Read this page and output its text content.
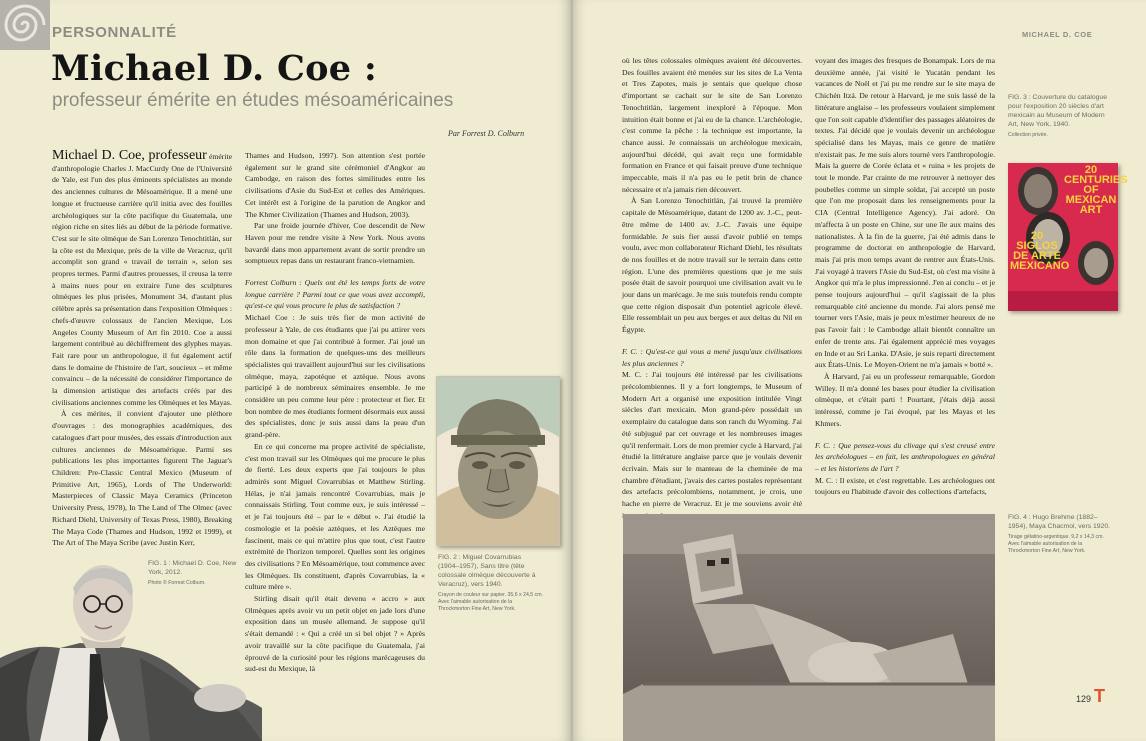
PERSONNALITÉ
Michael D. Coe :
professeur émérite en études mésoaméricaines
Par Forrest D. Colburn

Michael D. Coe, professeur émérite d'anthropologie Charles J. MacCurdy One de l'Université de Yale, est l'un des plus éminents spécialistes au monde des anciennes cultures de Mésoamérique. Il a mené une longue et fructueuse carrière qu'il initia avec des fouilles archéologiques sur la côte pacifique du Guatemala, une région riche en sites liés au début de la période formative. C'est sur le site olmèque de San Lorenzo Tenochtitlán, sur la côte est du Mexique, près de la ville de Veracruz, qu'il accomplit son grand « travail de terrain », selon ses propres termes. Parmi d'autres prouesses, il creusa la terre à mains nues pour en extraire l'une des sculptures olmèques les plus prisées, Monument 34, d'autant plus célèbre après sa présentation dans l'exposition Olmèques : chefs-d'œuvre colossaux de l'ancien Mexique, Los Angeles County Museum of Art fin 2010. Coe a aussi largement contribué au déchiffrement des glyphes mayas. Fait rare pour un anthropologue, il fut également actif dans le domaine de l'histoire de l'art, soucieux – et même convaincu – de la nécessité de considérer l'importance de la dimension artistique des artefacts créés par des civilisations anciennes comme les Olmèques et les Mayas.

À ces mérites, il convient d'ajouter une pléthore d'ouvrages : des monographies académiques, des catalogues d'art pour musées, des essais d'introduction aux cultures anciennes de Mésoamérique. Parmi ses publications les plus importantes figurent The Jaguar's Children: Pre-Classic Central Mexico (Museum of Primitive Art, 1965), Lords of The Underworld: Masterpieces of Classic Maya Ceramics (Princeton University Press, 1978), In The Land of The Olmec (avec Richard Diehl, University of Texas Press, 1980), Breaking The Maya Code (Thames and Hudson, 1992 et 1999), et The Art of The Maya Scribe (avec Justin Kerr,

Thames and Hudson, 1997). Son attention s'est portée également sur le grand site cérémoniel d'Angkor au Cambodge, en raison des fortes similitudes entre les civilisations d'Asie du Sud-Est et celles des Amériques. Cet intérêt est à l'origine de la parution de Angkor and The Khmer Civilization (Thames and Hudson, 2003).

Par une froide journée d'hiver, Coe descendit de New Haven pour me rendre visite à New York. Nous avons bavardé dans mon appartement avant de sortir prendre un somptueux repas dans un restaurant franco-vietnamien.

Forrest Colburn : Quels ont été les temps forts de votre longue carrière ? Parmi tout ce que vous avez accompli, qu'est-ce qui vous procure le plus de satisfaction ?

Michael Coe : Je suis très fier de mon activité de professeur à Yale, de ces étudiants que j'ai pu attirer vers mon domaine et que j'ai contribué à former. J'ai joué un rôle dans la formation de quelques-uns des meilleurs spécialistes qui travaillent aujourd'hui sur les civilisations olmèque, maya, zapotèque et aztèque. Nous avons participé à de nombreux séminaires ensemble. Je me considère un peu comme leur père : protecteur et fier. Et bon nombre de mes étudiants forment désormais eux aussi des spécialistes, donc je suis aussi dans la peau d'un grand-père.

En ce qui concerne ma propre activité de spécialiste, c'est mon travail sur les Olmèques qui me procure le plus de fierté. Les deux experts que j'ai toujours le plus admirés sont Miguel Covarrubias et Matthew Stirling. Hélas, je n'ai jamais rencontré Covarrubias, mais je connaissais Stirling. Tout comme eux, je suis intéressé – et je l'ai toujours été – par le « début ». J'ai étudié la cosmologie et la poésie aztèques, et les Aztèques me fascinent, mais ce qui m'attire plus que tout, c'est l'autre extrémité de l'horizon temporel. Quelles sont les origines des civilisations ? En Mésoamérique, tout commence avec les Olmèques. Ils constituent, d'après Covarrubias, la « culture mère ».

Stirling disait qu'il était devenu « accro » aux Olmèques après avoir vu un petit objet en jade lors d'une exposition dans un musée allemand. Je suppose qu'il s'était demandé : « Qui a créé un si bel objet ? » Après avoir travaillé sur la côte pacifique du Guatemala, j'ai éprouvé de la curiosité pour les régions marécageuses du sud-est du Mexique, là

FIG. 1 : Michael D. Coe, New York, 2012.
Photo © Forrest Colburn.
FIG. 2 : Miguel Covarrubias (1904–1957), Sans titre (tête colossale olmèque découverte à Veracruz), vers 1940.
Crayon de couleur sur papier. 35,6 x 24,5 cm. Avec l'aimable autorisation de la Throckmorton Fine Art, New York.
MICHAEL D. COE

où les têtes colossales olmèques avaient été découvertes. Des fouilles avaient été menées sur les sites de La Venta et Tres Zapotes, mais je sentais que quelque chose d'important se cachait sur le site de San Lorenzo Tenochtitlán, largement inexploré à l'époque. Mon intuition était bonne et j'ai eu de la chance. L'archéologie, c'est comme la pêche : la technique est importante, la chance aussi. Je connaissais un archéologue mexicain, aujourd'hui décédé, qui avait reçu une formidable formation en France et qui faisait preuve d'une technique impeccable, mais il n'a pas eu le petit brin de chance nécessaire et n'a jamais rien découvert.

À San Lorenzo Tenochtitlán, j'ai trouvé la première capitale de Mésoamérique, datant de 1200 av. J.-C., peut-être même de 1400 av. J.-C. J'avais une équipe formidable. Je suis fier aussi d'avoir publié en temps voulu, avec mon collaborateur Richard Diehl, les résultats de nos fouilles et de notre travail sur le terrain dans cette région. L'une des premières questions que je me suis posée était de savoir pourquoi une civilisation avait vu le jour dans un marécage. Je me suis toutefois rendu compte que cette région disposait d'un potentiel agricole élevé. Elle ressemblait un peu aux berges et aux deltas du Nil en Égypte.

F. C. : Qu'est-ce qui vous a mené jusqu'aux civilisations les plus anciennes ?

M. C. : J'ai toujours été intéressé par les civilisations précolombiennes. Il y a fort longtemps, le Museum of Modern Art a organisé une exposition intitulée Vingt siècles d'art mexicain. Mon grand-père possédait un exemplaire du catalogue dans son ranch du Wyoming. J'ai été subjugué par cet ouvrage et les nombreuses images qu'il renfermait. Lors de mon premier cycle à Harvard, j'ai étudié la littérature anglaise parce que je voulais devenir écrivain. Mais sur le manteau de la cheminée de ma chambre d'étudiant, j'avais des cartes postales représentant des artefacts précolombiens, notamment, je crois, une hache en pierre de Veracruz. Et je me souviens avoir été

voyant des images des fresques de Bonampak. Lors de ma deuxième année, j'ai visité le Yucatán pendant les vacances de Noël et j'ai pu me rendre sur le site maya de Chichén Itzá. De retour à Harvard, je me suis lassé de la littérature anglaise – les professeurs voulaient simplement que l'on soit capable d'identifier des passages aléatoires de textes. J'ai décidé que je voulais devenir un archéologue spécialisé dans les Mayas, mais ce genre de matière n'existait pas. Je me suis alors tourné vers l'anthropologie. Mais la guerre de Corée éclata et « ruina » les projets de tout le monde. Par crainte de me retrouver à nettoyer des poubelles comme un simple soldat, j'ai accepté un poste que l'on me proposait dans les renseignements pour la CIA (Central Intelligence Agency). J'ai adoré. On m'affecta à un poste en Chine, sur une île aux mains des nationalistes. À la fin de la guerre, j'ai été admis dans le programme de doctorat en anthropologie de Harvard, mais j'ai pris mon temps avant de rentrer aux États-Unis. J'ai voyagé à travers l'Asie du Sud-Est, où c'est ma visite à Angkor qui m'a le plus impressionné. J'en ai conclu – et je pense toujours aujourd'hui – qu'il s'agissait de la plus remarquable cité ancienne du monde. J'ai alors pensé me tourner vers l'Asie, mais je peux m'estimer heureux de ne pas l'avoir fait : le Cambodge allait bientôt connaître un enfer de trente ans. J'ai également apprécié mes voyages en Inde et au Sri Lanka. D'Asie, je suis reparti directement aux États-Unis. Le Moyen-Orient ne m'a jamais « botté ».

À Harvard, j'ai eu un professeur remarquable, Gordon Willey. Il m'a donné les bases pour étudier la civilisation olmèque, et c'était parti ! Pourtant, j'étais déjà aussi intéressé, comme je l'ai évoqué, par les Mayas et les Khmers.

F. C. : Que pensez-vous du clivage qui s'est creusé entre les archéologues – en fait, les anthropologues en général – et les historiens de l'art ?

M. C. : Il existe, et c'est regrettable. Les archéologues ont toujours eu l'habitude d'avoir des collections d'artefacts,

FIG. 3 : Couverture du catalogue pour l'exposition 20 siècles d'art mexicain au Museum of Modern Art, New York, 1940.
Collection privée.
20 CENTURIES OF MEXICAN ART
20 SIGLOS DE ARTE MEXICANO
FIG. 4 : Hugo Brehme (1882–1954), Maya Chacmol, vers 1920.
Tirage gélatino-argentique. 9,2 x 14,3 cm. Avec l'aimable autorisation de la Throckmorton Fine Art, New York.
129 T
